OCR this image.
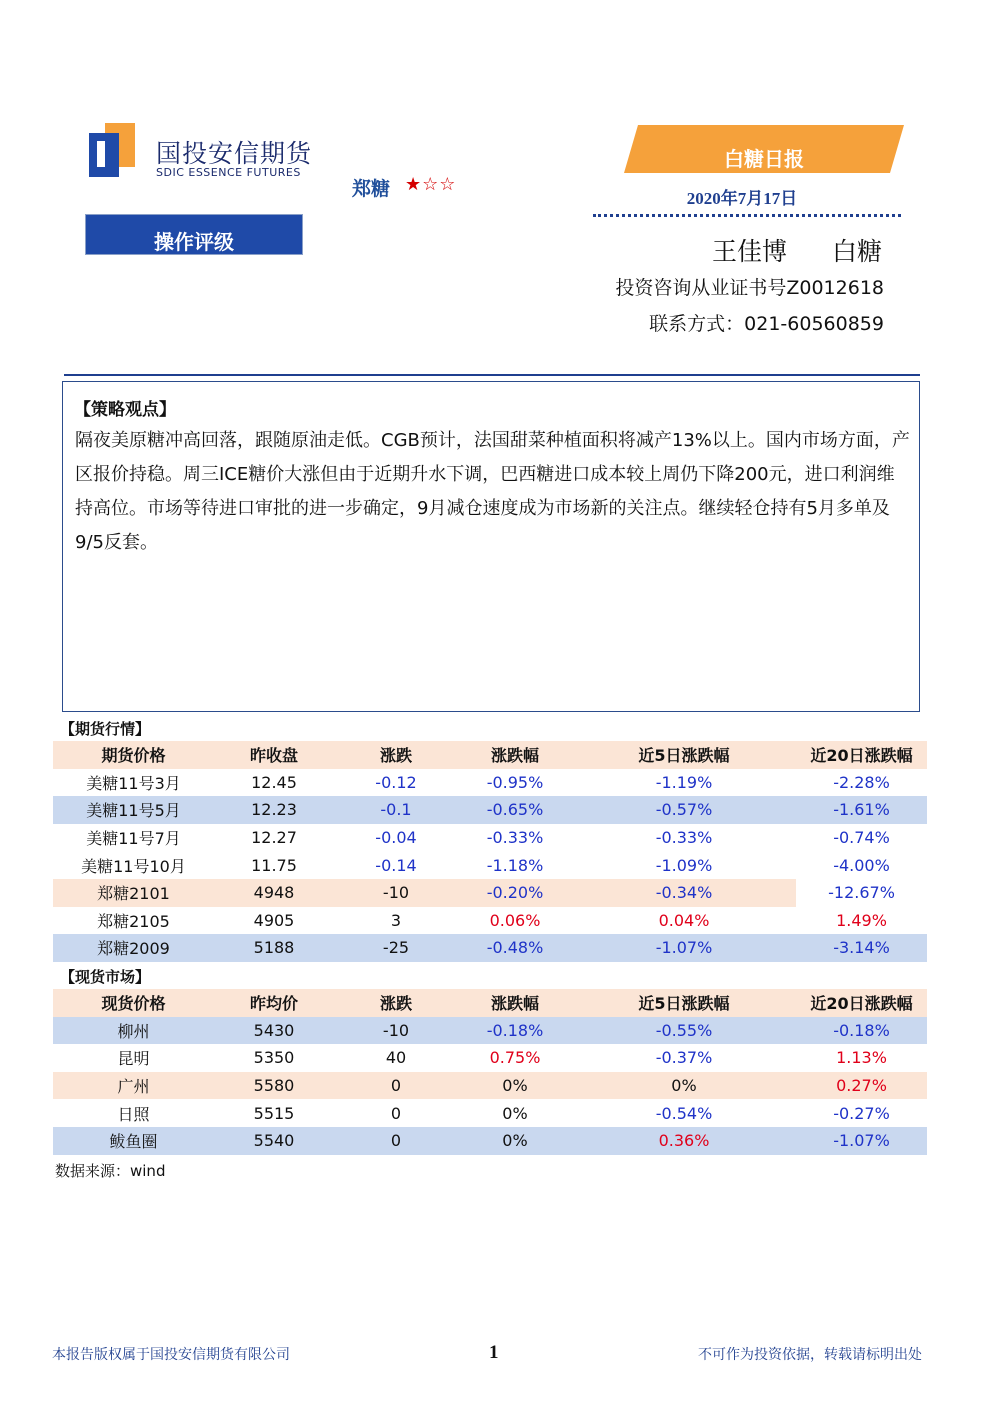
国投安信期货
SDIC ESSENCE FUTURES
郑糖 ★☆☆
操作评级
白糖日报
2020年7月17日
王佳博 白糖
投资咨询从业证书号Z0012618
联系方式：021-60560859
【策略观点】
隔夜美原糖冲高回落，跟随原油走低。CGB预计，法国甜菜种植面积将减产13%以上。国内市场方面，产区报价持稳。周三ICE糖价大涨但由于近期升水下调，巴西糖进口成本较上周仍下降200元，进口利润维持高位。市场等待进口审批的进一步确定，9月减仓速度成为市场新的关注点。继续轻仓持有5月多单及9/5反套。
【期货行情】
期货价格	昨收盘	涨跌	涨跌幅	近5日涨跌幅	近20日涨跌幅
美糖11号3月	12.45	-0.12	-0.95%	-1.19%	-2.28%
美糖11号5月	12.23	-0.1	-0.65%	-0.57%	-1.61%
美糖11号7月	12.27	-0.04	-0.33%	-0.33%	-0.74%
美糖11号10月	11.75	-0.14	-1.18%	-1.09%	-4.00%
郑糖2101	4948	-10	-0.20%	-0.34%	-12.67%
郑糖2105	4905	3	0.06%	0.04%	1.49%
郑糖2009	5188	-25	-0.48%	-1.07%	-3.14%
【现货市场】
现货价格	昨均价	涨跌	涨跌幅	近5日涨跌幅	近20日涨跌幅
柳州	5430	-10	-0.18%	-0.55%	-0.18%
昆明	5350	40	0.75%	-0.37%	1.13%
广州	5580	0	0%	0%	0.27%
日照	5515	0	0%	-0.54%	-0.27%
鲅鱼圈	5540	0	0%	0.36%	-1.07%
数据来源：wind
本报告版权属于国投安信期货有限公司	1	不可作为投资依据，转载请标明出处
